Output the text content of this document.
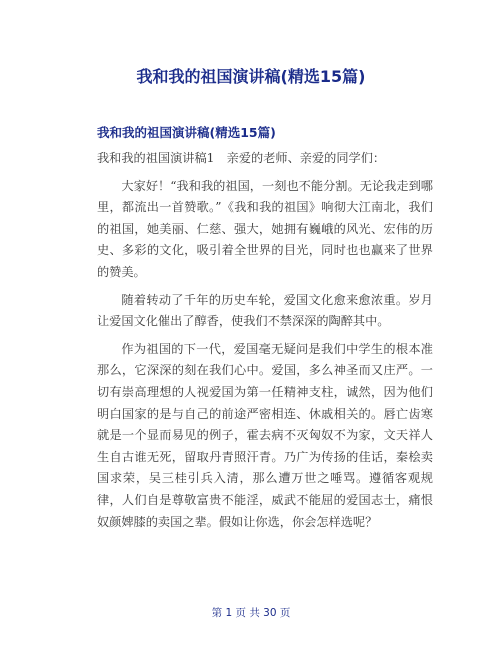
我和我的祖国演讲稿(精选15篇)
我和我的祖国演讲稿(精选15篇)

我和我的祖国演讲稿1　亲爱的老师、亲爱的同学们：

大家好！“我和我的祖国，一刻也不能分割。无论我走到哪里，都流出一首赞歌。”《我和我的祖国》响彻大江南北，我们的祖国，她美丽、仁慈、强大，她拥有巍峨的风光、宏伟的历史、多彩的文化，吸引着全世界的目光，同时也也赢来了世界的赞美。

随着转动了千年的历史车轮，爱国文化愈来愈浓重。岁月让爱国文化催出了醇香，使我们不禁深深的陶醉其中。

作为祖国的下一代，爱国毫无疑问是我们中学生的根本准那么，它深深的刻在我们心中。爱国，多么神圣而又庄严。一切有崇高理想的人视爱国为第一任精神支柱，诚然，因为他们明白国家的是与自己的前途严密相连、休戚相关的。唇亡齿寒就是一个显而易见的例子，霍去病不灭匈奴不为家，文天祥人生自古谁无死，留取丹青照汗青。乃广为传扬的佳话，秦桧卖国求荣，吴三桂引兵入清，那么遭万世之唾骂。遵循客观规律，人们自是尊敬富贵不能淫，威武不能屈的爱国志士，痛恨奴颜婢膝的卖国之辈。假如让你选，你会怎样选呢？

第 1 页 共 30 页
